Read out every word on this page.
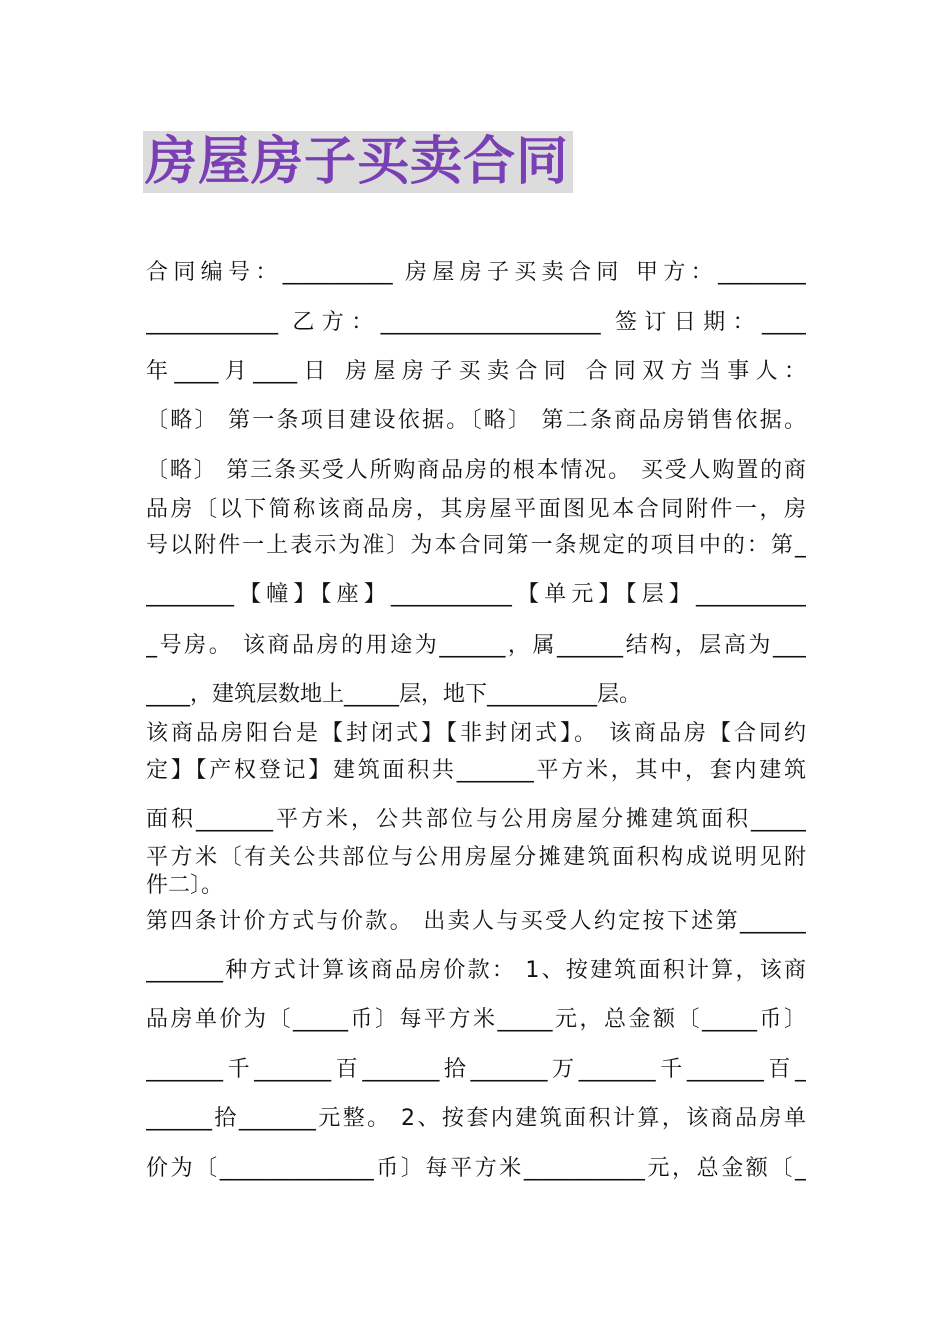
房屋房子买卖合同
合同编号：__________ 房屋房子买卖合同 甲方：________
____________ 乙方：____________________ 签订日期：____
年____月____日 房屋房子买卖合同 合同双方当事人：
〔略〕 第一条项目建设依据。〔略〕 第二条商品房销售依据。
〔略〕 第三条买受人所购商品房的根本情况。 买受人购置的商
品房〔以下简称该商品房，其房屋平面图见本合同附件一，房
号以附件一上表示为准〕为本合同第一条规定的项目中的：第_
________【幢】【座】___________【单元】【层】__________
_号房。 该商品房的用途为______，属______结构，层高为___
____，建筑层数地上_____层，地下__________层。
该商品房阳台是【封闭式】【非封闭式】。 该商品房【合同约
定】【产权登记】建筑面积共_______平方米，其中，套内建筑
面积_______平方米，公共部位与公用房屋分摊建筑面积_____
平方米〔有关公共部位与公用房屋分摊建筑面积构成说明见附
件二〕。
第四条计价方式与价款。 出卖人与买受人约定按下述第______
_______种方式计算该商品房价款： 1、按建筑面积计算，该商
品房单价为〔_____币〕每平方米_____元，总金额〔_____币〕
_______千_______百_______拾_______万_______千_______百_
______拾_______元整。 2、按套内建筑面积计算，该商品房单
价为〔______________币〕每平方米___________元，总金额〔_
